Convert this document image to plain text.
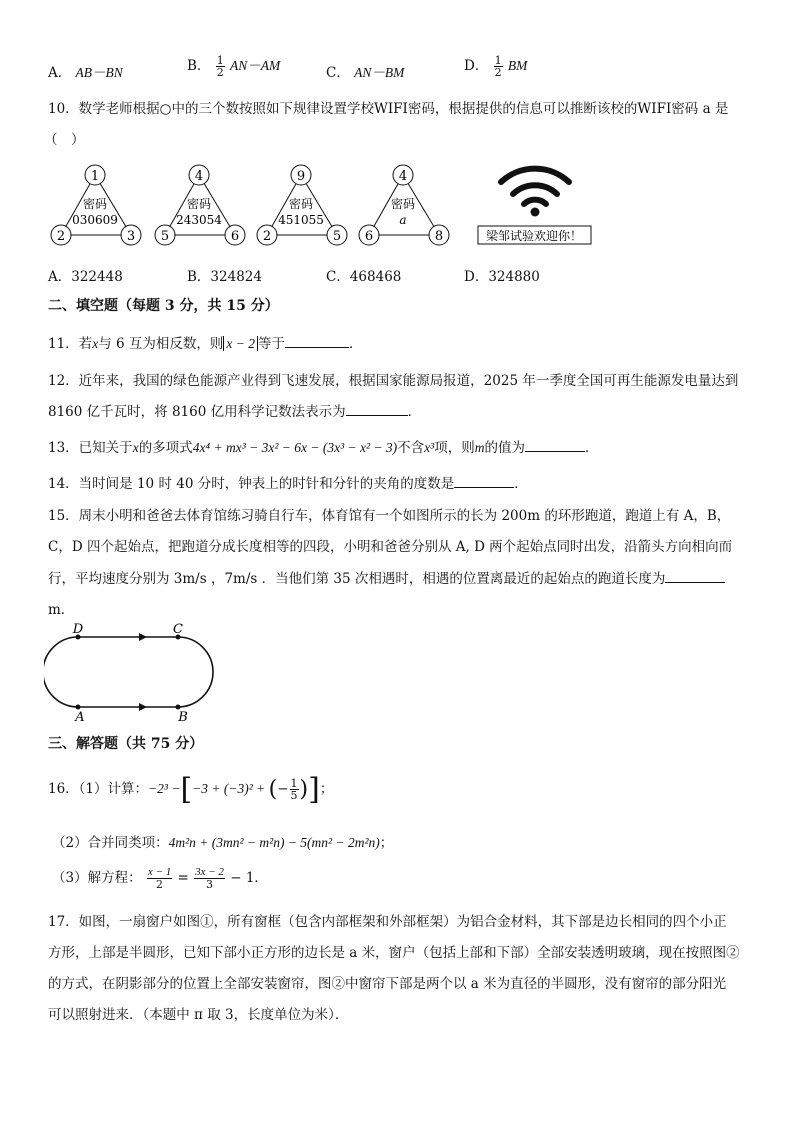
A． AB－BN	B． $\frac{1}{2} AN-AM$	C． AN－BM	D． $\frac{1}{2}$ BM
10．数学老师根据○中的三个数按照如下规律设置学校WIFI密码，根据提供的信息可以推断该校的WIFI密码 a 是
（　）
1
2	3
密码
030609
4
5	6
密码
243054
9
2	5
密码
451055
4
6	8
密码
a
梁邹试验欢迎你！
A．322448	B．324824	C．468468	D．324880
二、填空题（每题 3 分，共 15 分）
11．若x与 6 互为相反数，则 x − 2 等于	．
12．近年来，我国的绿色能源产业得到飞速发展，根据国家能源局报道，2025 年一季度全国可再生能源发电量达到
8160 亿千瓦时，将 8160 亿用科学记数法表示为	．
13．已知关于x的多项式4x⁴ + mx³ − 3x² − 6x − (3x³ − x² − 3)不含x³项，则m的值为	．
14．当时间是 10 时 40 分时，钟表上的时针和分针的夹角的度数是	．
15．周末小明和爸爸去体育馆练习骑自行车，体育馆有一个如图所示的长为 200m 的环形跑道，跑道上有 A，B，
C，D 四个起始点，把跑道分成长度相等的四段，小明和爸爸分别从 A, D 两个起始点同时出发，沿箭头方向相向而
行，平均速度分别为 3m/s ，7m/s ．当他们第 35 次相遇时，相遇的位置离最近的起始点的跑道长度为
m．
D	C
A	B
三、解答题（共 75 分）
16．（1）计算：−2³ −[−3 + (−3)² + (− $\frac{1}{5}$ )]；
（2）合并同类项：4m²n + (3mn² − m²n) − 5(mn² − 2m²n)；
（3）解方程： $\frac{x - 1}{2} = \frac{3x - 2}{3} - 1$．
17．如图，一扇窗户如图①，所有窗框（包含内部框架和外部框架）为铝合金材料，其下部是边长相同的四个小正
方形，上部是半圆形，已知下部小正方形的边长是 a 米，窗户（包括上部和下部）全部安装透明玻璃，现在按照图②
的方式，在阴影部分的位置上全部安装窗帘，图②中窗帘下部是两个以 a 米为直径的半圆形，没有窗帘的部分阳光
可以照射进来．（本题中 π 取 3，长度单位为米）．
